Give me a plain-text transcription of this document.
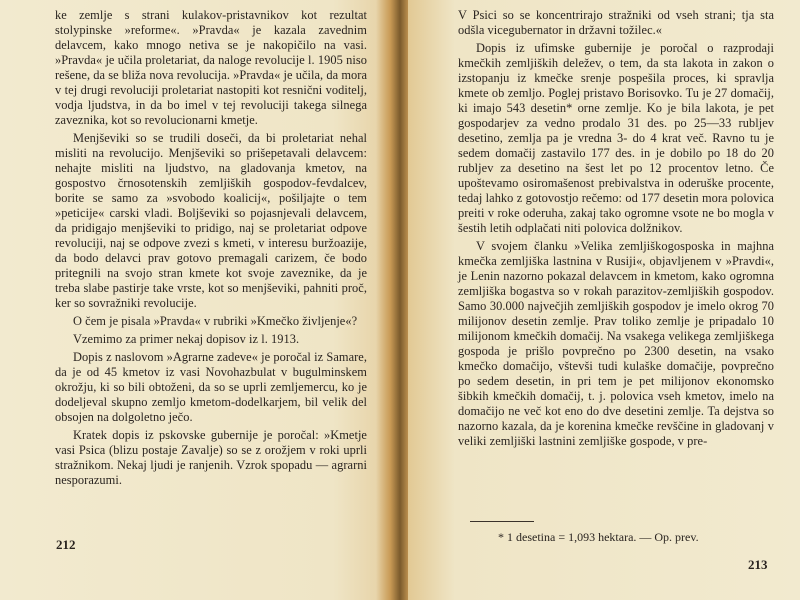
ke zemlje s strani kulakov-pristavnikov kot rezultat stolypinske »reforme«. »Pravda« je kazala zavednim delavcem, kako mnogo netiva se je nakopičilo na vasi. »Pravda« je učila proletariat, da naloge revolucije l. 1905 niso rešene, da se bliža nova revolucija. »Pravda« je učila, da mora v tej drugi revoluciji proletariat nastopiti kot resnični voditelj, vodja ljudstva, in da bo imel v tej revoluciji takega silnega zaveznika, kot so revolucionarni kmetje.

Menjševiki so se trudili doseči, da bi proletariat nehal misliti na revolucijo. Menjševiki so prišepetavali delavcem: nehajte misliti na ljudstvo, na gladovanja kmetov, na gospostvo črnosotenskih zemljiških gospodov-fevdalcev, borite se samo za »svobodo koalicij«, pošiljajte o tem »peticije« carski vladi. Boljševiki so pojasnjevali delavcem, da pridigajo menjševiki to pridigo, naj se proletariat odpove revoluciji, naj se odpove zvezi s kmeti, v interesu buržoazije, da bodo delavci prav gotovo premagali carizem, če bodo pritegnili na svojo stran kmete kot svoje zaveznike, da je treba slabe pastirje take vrste, kot so menjševiki, pahniti proč, ker so sovražniki revolucije.

O čem je pisala »Pravda« v rubriki »Kmečko življenje«?

Vzemimo za primer nekaj dopisov iz l. 1913.

Dopis z naslovom »Agrarne zadeve« je poročal iz Samare, da je od 45 kmetov iz vasi Novohazbulat v bugulminskem okrožju, ki so bili obtoženi, da so se uprli zemljemercu, ko je dodeljeval skupno zemljo kmetom-dodelkarjem, bil velik del obsojen na dolgoletno ječo.

Kratek dopis iz pskovske gubernije je poročal: »Kmetje vasi Psica (blizu postaje Zavalje) so se z orožjem v roki uprli stražnikom. Nekaj ljudi je ranjenih. Vzrok spopadu — agrarni nesporazumi.

212

V Psici so se koncentrirajo stražniki od vseh strani; tja sta odšla vicegubernator in državni tožilec.«

Dopis iz ufimske gubernije je poročal o razprodaji kmečkih zemljiških deležev, o tem, da sta lakota in zakon o izstopanju iz kmečke srenje pospešila proces, ki spravlja kmete ob zemljo. Poglej pristavo Borisovko. Tu je 27 domačij, ki imajo 543 desetin* orne zemlje. Ko je bila lakota, je pet gospodarjev za vedno prodalo 31 des. po 25—33 rubljev desetino, zemlja pa je vredna 3- do 4 krat več. Ravno tu je sedem domačij zastavilo 177 des. in je dobilo po 18 do 20 rubljev za desetino na šest let po 12 procentov letno. Če upoštevamo osiromašenost prebivalstva in oderuške procente, tedaj lahko z gotovostjo rečemo: od 177 desetin mora polovica preiti v roke oderuha, zakaj tako ogromne vsote ne bo mogla v šestih letih odplačati niti polovica dolžnikov.

V svojem članku »Velika zemljiškogosposka in majhna kmečka zemljiška lastnina v Rusiji«, objavljenem v »Pravdi«, je Lenin nazorno pokazal delavcem in kmetom, kako ogromna zemljiška bogastva so v rokah parazitov-zemljiških gospodov. Samo 30.000 največjih zemljiških gospodov je imelo okrog 70 milijonov desetin zemlje. Prav toliko zemlje je pripadalo 10 milijonom kmečkih domačij. Na vsakega velikega zemljiškega gospoda je prišlo povprečno po 2300 desetin, na vsako kmečko domačijo, vštevši tudi kulaške domačije, povprečno po sedem desetin, in pri tem je pet milijonov ekonomsko šibkih kmečkih domačij, t. j. polovica vseh kmetov, imelo na domačijo ne več kot eno do dve desetini zemlje. Ta dejstva so nazorno kazala, da je korenina kmečke revščine in gladovanj v veliki zemljiški lastnini zemljiške gospode, v pre-

* 1 desetina = 1,093 hektara. — Op. prev.
213
